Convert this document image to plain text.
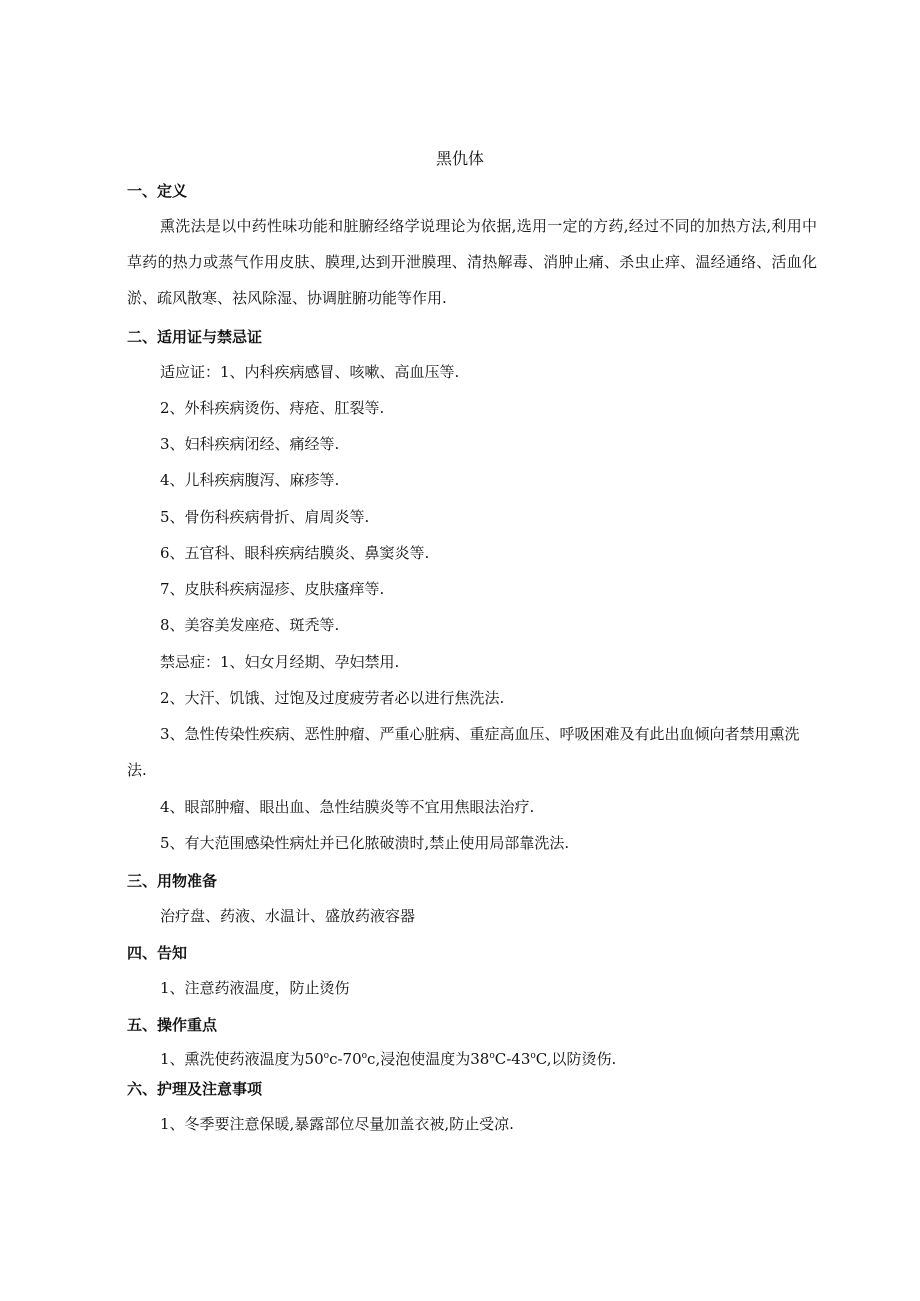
黑仇体
一、定义
熏洗法是以中药性味功能和脏腑经络学说理论为依据,选用一定的方药,经过不同的加热方法,利用中草药的热力或蒸气作用皮肤、膜理,达到开泄膜理、清热解毒、消肿止痛、杀虫止痒、温经通络、活血化淤、疏风散寒、祛风除湿、协调脏腑功能等作用.
二、适用证与禁忌证
适应证：1、内科疾病感冒、咳嗽、高血压等.
2、外科疾病烫伤、痔疮、肛裂等.
3、妇科疾病闭经、痛经等.
4、儿科疾病腹泻、麻疹等.
5、骨伤科疾病骨折、肩周炎等.
6、五官科、眼科疾病结膜炎、鼻窦炎等.
7、皮肤科疾病湿疹、皮肤瘙痒等.
8、美容美发座疮、斑秃等.
禁忌症：1、妇女月经期、孕妇禁用.
2、大汗、饥饿、过饱及过度疲劳者必以进行焦洗法.
3、急性传染性疾病、恶性肿瘤、严重心脏病、重症高血压、呼吸困难及有此出血倾向者禁用熏洗法.
4、眼部肿瘤、眼出血、急性结膜炎等不宜用焦眼法治疗.
5、有大范围感染性病灶并已化脓破溃时,禁止使用局部靠洗法.
三、用物准备
治疗盘、药液、水温计、盛放药液容器
四、告知
1、注意药液温度，防止烫伤
五、操作重点
1、熏洗使药液温度为50$^o$c-70$^o$c,浸泡使温度为38$^o$C-43$^o$C,以防烫伤.
六、护理及注意事项
1、冬季要注意保暖,暴露部位尽量加盖衣被,防止受凉.
